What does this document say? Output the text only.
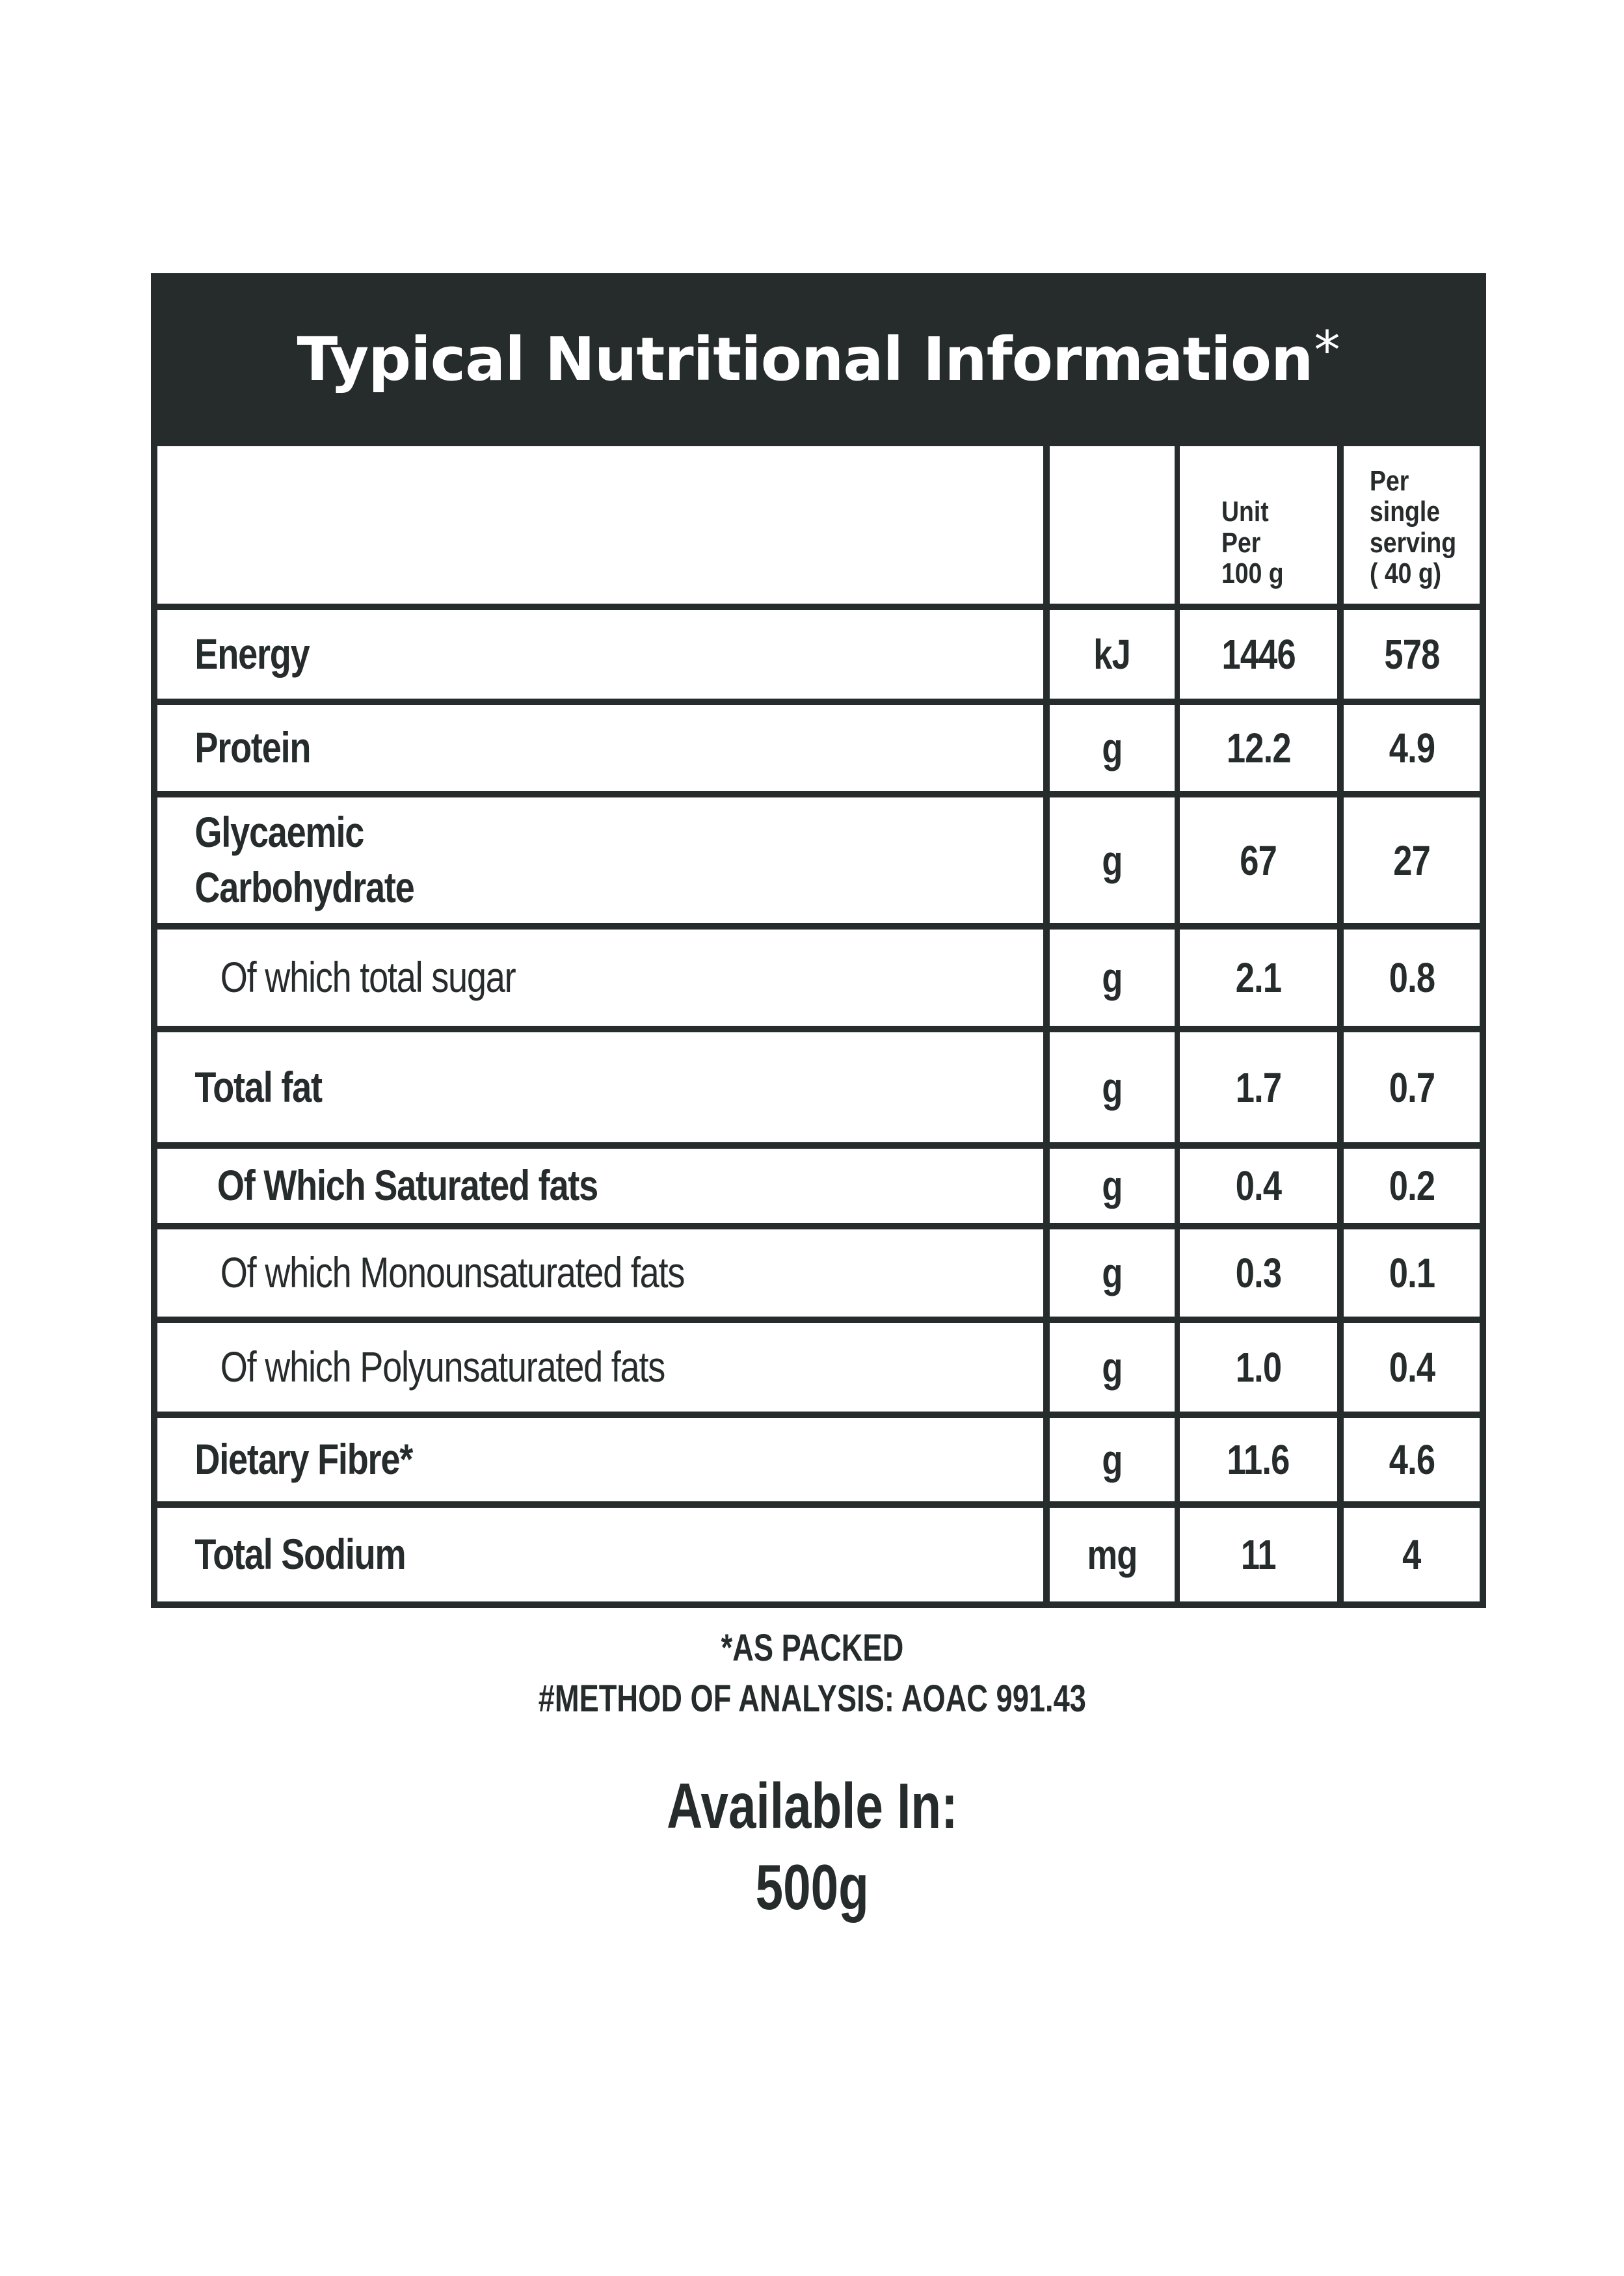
Typical Nutritional Information *
Unit
Per
100 g
Per
single
serving
( 40 g)
Energy	kJ 1446 578
Protein	g 12.2 4.9
Glycaemic
Carbohydrate
g	67	27
Of which total sugar	g	2.1	0.8
Total fat	g	1.7	0.7
Of Which Saturated fats	g	0.4	0.2
Of which Monounsaturated fats	g	0.3	0.1
Of which Polyunsaturated fats	g	1.0	0.4
Dietary Fibre*	g	11.6 4.6
Total Sodium	mg 11	4
*AS PACKED
#METHOD OF ANALYSIS: AOAC 991.43
Available In:
500g
